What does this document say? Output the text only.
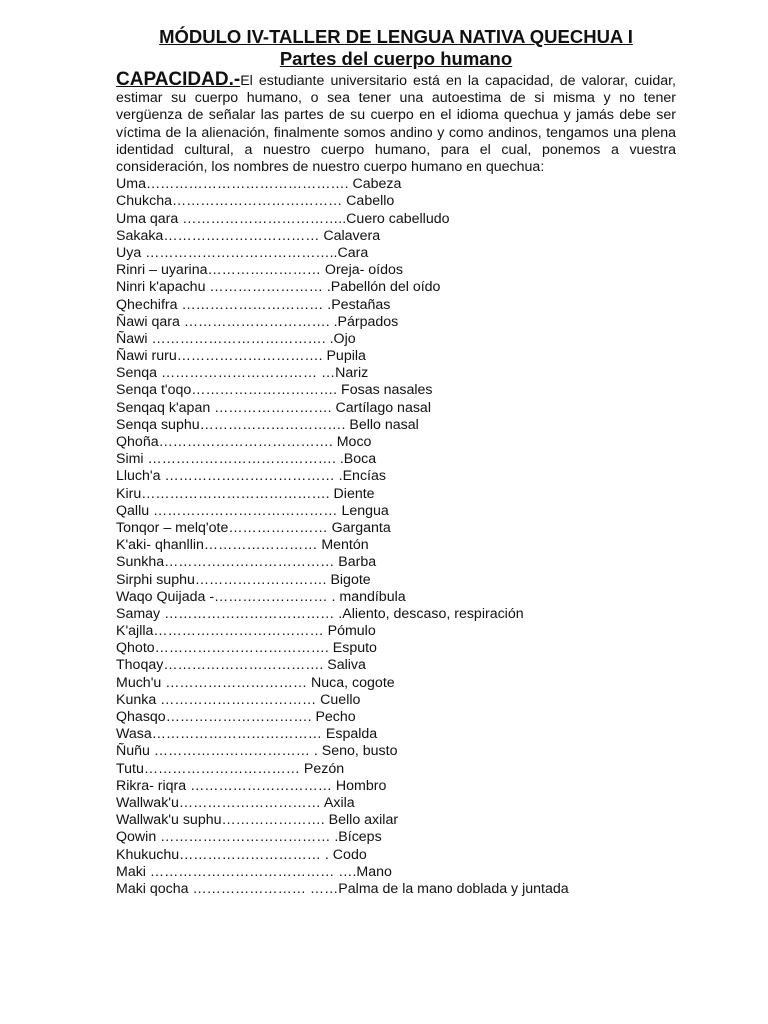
MÓDULO IV-TALLER DE LENGUA NATIVA QUECHUA I
Partes del cuerpo humano

CAPACIDAD.-El estudiante universitario está en la capacidad, de valorar, cuidar, estimar su cuerpo humano, o sea tener una autoestima de si misma y no tener vergüenza de señalar las partes de su cuerpo en el idioma quechua y jamás debe ser víctima de la alienación, finalmente somos andino y como andinos, tengamos una plena identidad cultural, a nuestro cuerpo humano, para el cual, ponemos a vuestra consideración, los nombres de nuestro cuerpo humano en quechua:

Uma……………………………………. Cabeza
Chukcha……………………………… Cabello
Uma qara ……………………………..Cuero cabelludo
Sakaka…………………………… Calavera
Uya …………………………………..Cara
Rinri – uyarina…………………… Oreja- oídos
Ninri k'apachu …………………… .Pabellón del oído
Qhechifra ………………………… .Pestañas
Ñawi qara …………………………. .Párpados
Ñawi ………………………………. .Ojo
Ñawi ruru…………………………. Pupila
Senqa …………………………… …Nariz
Senqa t'oqo…………………………. Fosas nasales
Senqaq k'apan ……………………. Cartílago nasal
Senqa suphu…………………………. Bello nasal
Qhoña………………………………. Moco
Simi …………………………………. .Boca
Lluch'a ……………………………… .Encías
Kiru…………………………………. Diente
Qallu ………………………………… Lengua
Tonqor – melq'ote………………… Garganta
K'aki- qhanllin…………………… Mentón
Sunkha……………………………… Barba
Sirphi suphu………………………. Bigote
Waqo Quijada -…………………… . mandíbula
Samay ……………………………… .Aliento, descaso, respiración
K'ajlla……………………………… Pómulo
Qhoto………………………………. Esputo
Thoqay……………………………. Saliva
Much'u ………………………… Nuca, cogote
Kunka …………………………… Cuello
Qhasqo…………………………. Pecho
Wasa……………………………… Espalda
Ñuñu …………………………… . Seno, busto
Tutu…………………………… Pezón
Rikra- riqra ………………………… Hombro
Wallwak'u………………………… Axila
Wallwak'u suphu…………………. Bello axilar
Qowin ……………………………… .Bíceps
Khukuchu………………………… . Codo
Maki ………………………………… ….Mano
Maki qocha …………………… ……Palma de la mano doblada y juntada
